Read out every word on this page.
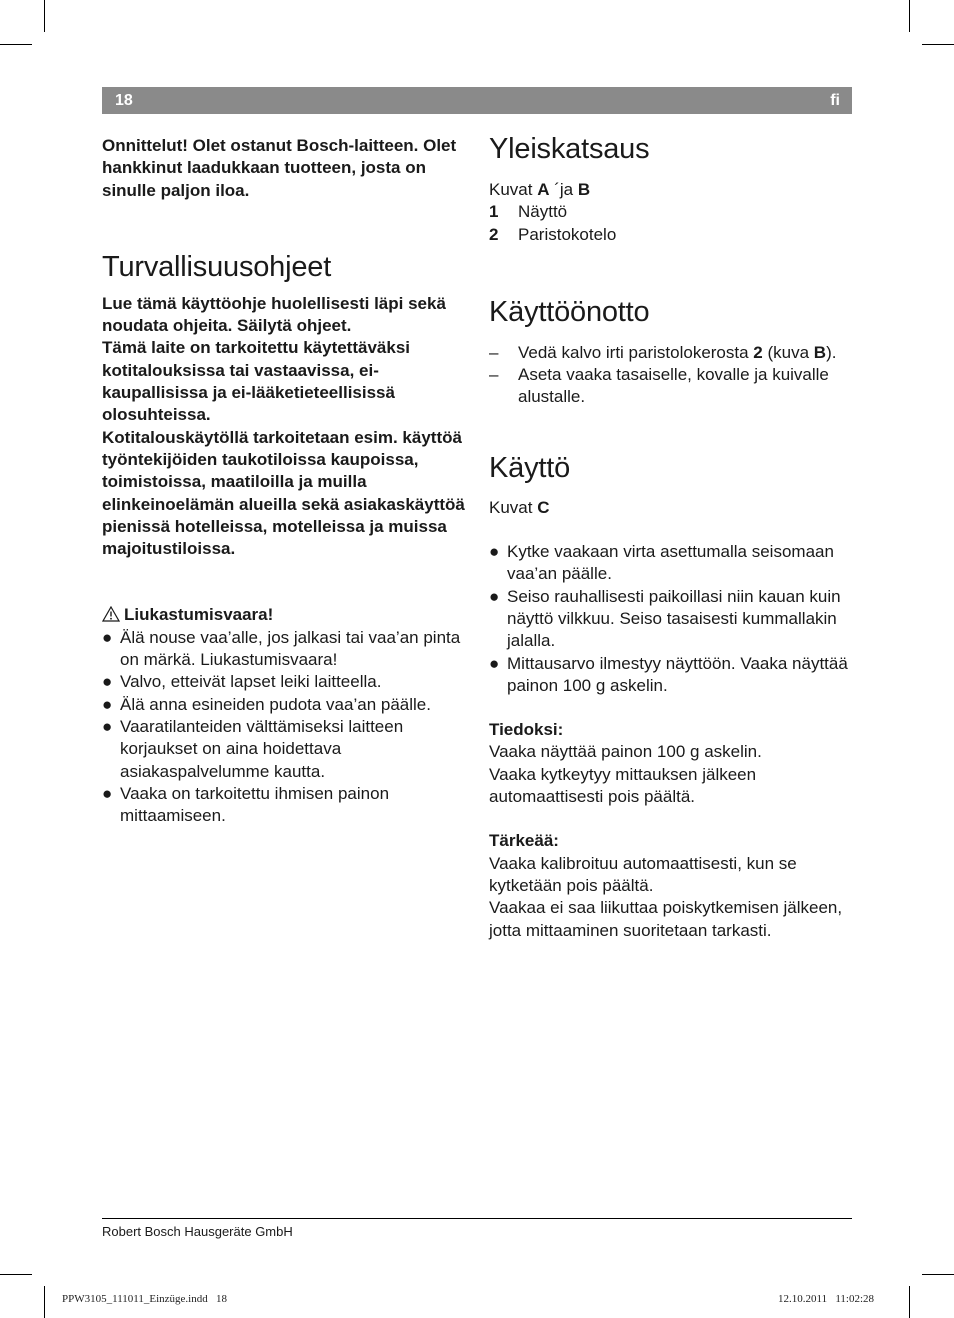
18	fi

Onnittelut! Olet ostanut Bosch-laitteen. Olet hankkinut laadukkaan tuotteen, josta on sinulle paljon iloa.

Turvallisuusohjeet

Lue tämä käyttöohje huolellisesti läpi sekä noudata ohjeita. Säilytä ohjeet.

Tämä laite on tarkoitettu käytettäväksi kotitalouksissa tai vastaavissa, ei-kaupallisissa ja ei-lääketieteellisissä olosuhteissa.

Kotitalouskäytöllä tarkoitetaan esim. käyttöä työntekijöiden taukotiloissa kaupoissa, toimistoissa, maatiloilla ja muilla elinkeinoelämän alueilla sekä asiakaskäyttöä pienissä hotelleissa, motelleissa ja muissa majoitustiloissa.

Liukastumisvaara!
● Älä nouse vaa’alle, jos jalkasi tai vaa’an pinta on märkä. Liukastumisvaara!
● Valvo, etteivät lapset leiki laitteella.
● Älä anna esineiden pudota vaa’an päälle.
● Vaaratilanteiden välttämiseksi laitteen korjaukset on aina hoidettava asiakaspalvelumme kautta.
● Vaaka on tarkoitettu ihmisen painon mittaamiseen.
Yleiskatsaus

Kuvat A ´ja B

1	Näyttö
2	Paristokotelo
Käyttöönotto
– Vedä kalvo irti paristolokerosta 2 (kuva B).
– Aseta vaaka tasaiselle, kovalle ja kuivalle alustalle.
Käyttö

Kuvat C

● Kytke vaakaan virta asettumalla seisomaan vaa’an päälle.
● Seiso rauhallisesti paikoillasi niin kauan kuin näyttö vilkkuu. Seiso tasaisesti kummallakin jalalla.
● Mittausarvo ilmestyy näyttöön. Vaaka näyttää painon 100 g askelin.

Tiedoksi:

Vaaka näyttää painon 100 g askelin.

Vaaka kytkeytyy mittauksen jälkeen automaattisesti pois päältä.

Tärkeää:

Vaaka kalibroituu automaattisesti, kun se kytketään pois päältä.

Vaakaa ei saa liikuttaa poiskytkemisen jälkeen, jotta mittaaminen suoritetaan tarkasti.

Robert Bosch Hausgeräte GmbH
PPW3105_111011_Einzüge.indd   18	12.10.2011   11:02:28
